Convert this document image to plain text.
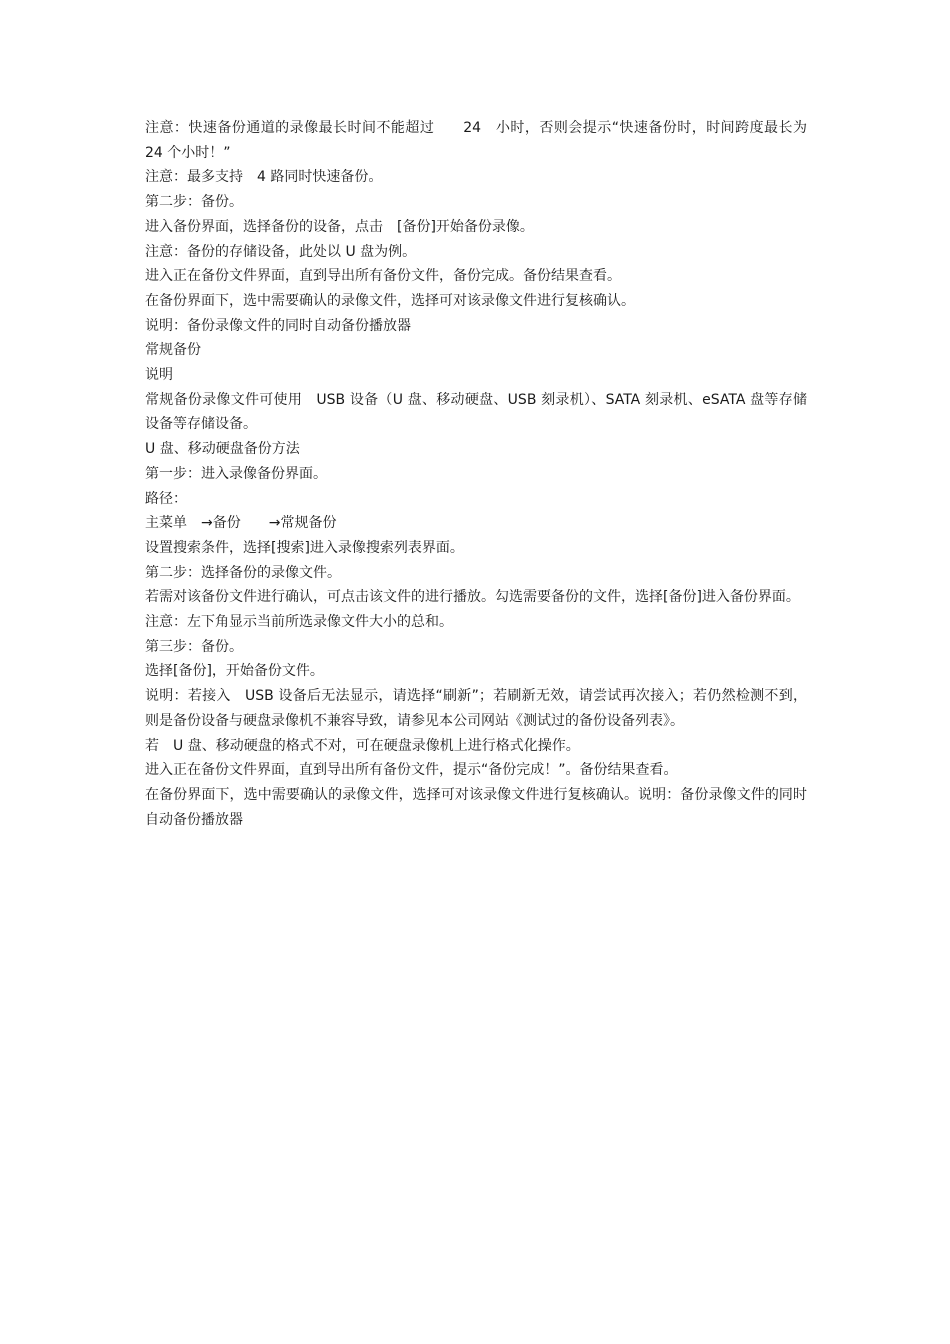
注意：快速备份通道的录像最长时间不能超过　　24　小时，否则会提示“快速备份时，时间跨度最长为　24 个小时！”

注意：最多支持　4 路同时快速备份。

第二步：备份。

进入备份界面，选择备份的设备，点击　[备份]开始备份录像。

注意：备份的存储设备，此处以 U 盘为例。

进入正在备份文件界面，直到导出所有备份文件，备份完成。备份结果查看。

在备份界面下，选中需要确认的录像文件，选择可对该录像文件进行复核确认。

说明：备份录像文件的同时自动备份播放器

常规备份

说明

常规备份录像文件可使用　USB 设备（U 盘、移动硬盘、USB 刻录机）、SATA 刻录机、eSATA 盘等存储设备等存储设备。

U 盘、移动硬盘备份方法

第一步：进入录像备份界面。

路径：

主菜单　→备份　　→常规备份

设置搜索条件，选择[搜索]进入录像搜索列表界面。

第二步：选择备份的录像文件。

若需对该备份文件进行确认，可点击该文件的进行播放。勾选需要备份的文件，选择[备份]进入备份界面。

注意：左下角显示当前所选录像文件大小的总和。

第三步：备份。

选择[备份]，开始备份文件。

说明：若接入　USB 设备后无法显示，请选择“刷新”；若刷新无效，请尝试再次接入；若仍然检测不到，则是备份设备与硬盘录像机不兼容导致，请参见本公司网站《测试过的备份设备列表》。

若　U 盘、移动硬盘的格式不对，可在硬盘录像机上进行格式化操作。

进入正在备份文件界面，直到导出所有备份文件，提示“备份完成！”。备份结果查看。

在备份界面下，选中需要确认的录像文件，选择可对该录像文件进行复核确认。说明：备份录像文件的同时自动备份播放器
